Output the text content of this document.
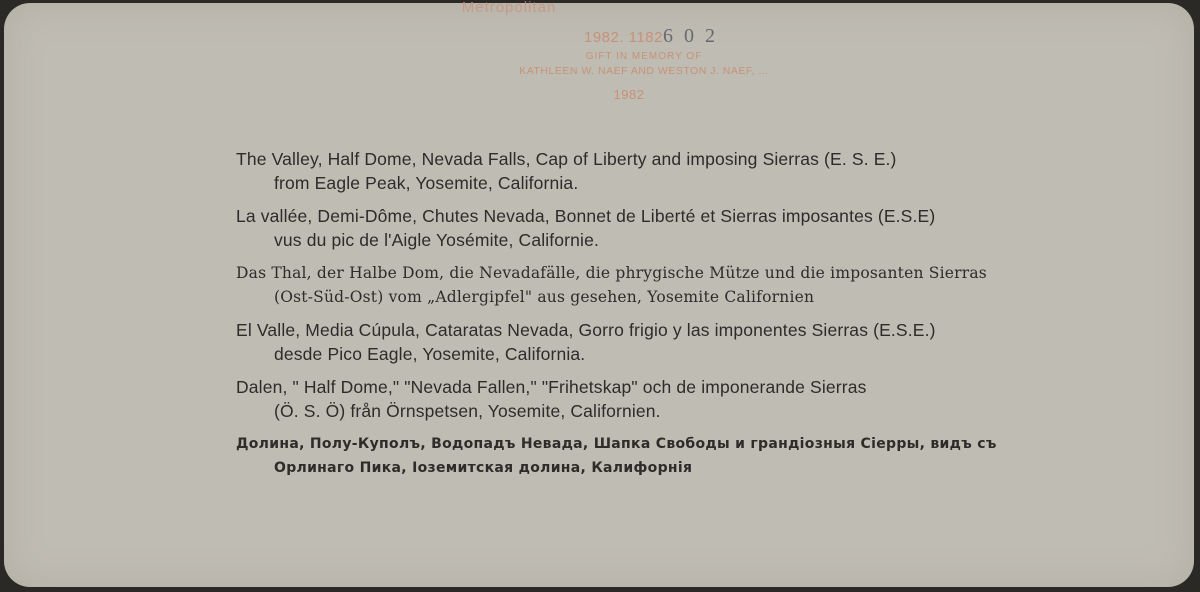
Metropolitan
1982. 11826 0 2
GIFT IN MEMORY OF
KATHLEEN W. NAEF AND WESTON J. NAEF, ...
1982
The Valley, Half Dome, Nevada Falls, Cap of Liberty and imposing Sierras (E. S. E.)
from Eagle Peak, Yosemite, California.
La vallée, Demi-Dôme, Chutes Nevada, Bonnet de Liberté et Sierras imposantes (E.S.E)
vus du pic de l'Aigle Yosémite, Californie.
Das Thal, der Halbe Dom, die Nevadafälle, die phrygische Mütze und die imposanten Sierras
(Ost-Süd-Ost) vom „Adlergipfel" aus gesehen, Yosemite Californien
El Valle, Media Cúpula, Cataratas Nevada, Gorro frigio y las imponentes Sierras (E.S.E.)
desde Pico Eagle, Yosemite, California.
Dalen, " Half Dome," "Nevada Fallen," "Frihetskap" och de imponerande Sierras
(Ö. S. Ö) från Örnspetsen, Yosemite, Californien.
Долина, Полу-Куполъ, Водопадъ Невада, Шапка Свободы и грандiозныя Сiерры, видъ съ
Орлинаго Пика, Iозeмитская долина, Калифорнiя
